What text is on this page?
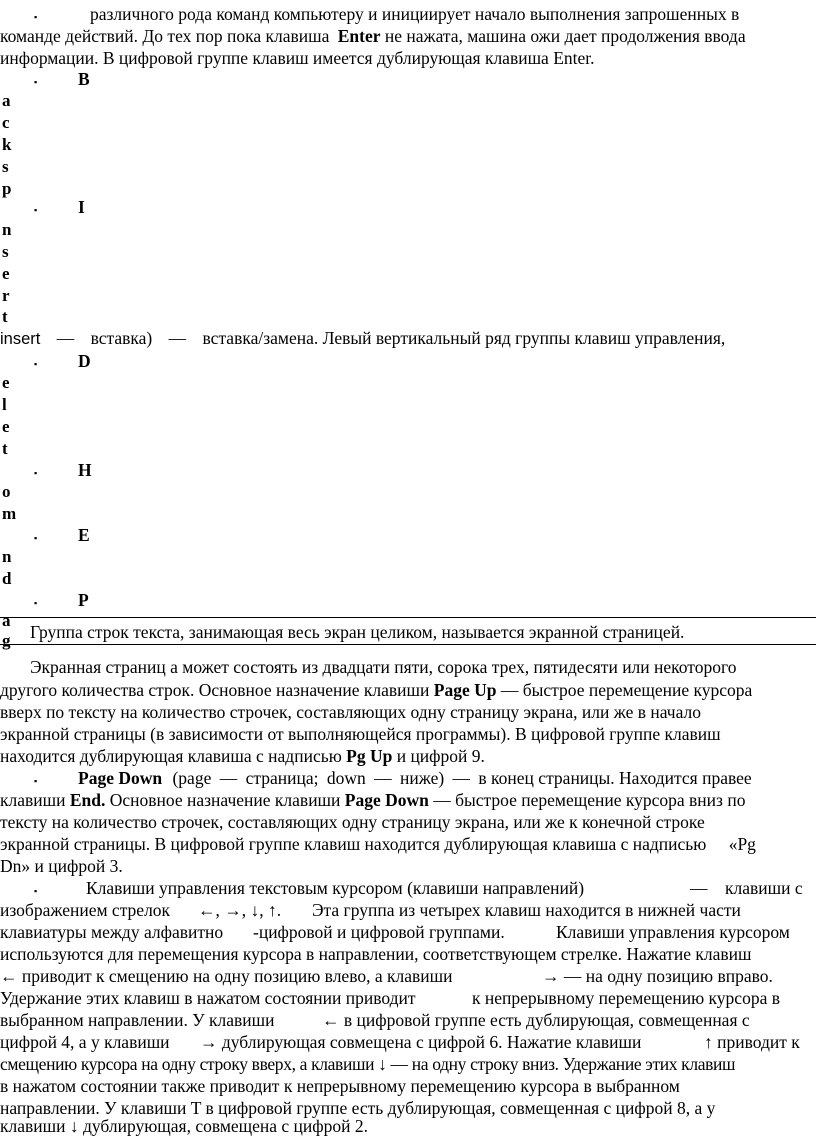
▪	различного рода команд компьютеру и инициирует начало выполнения запрошенных в
команде действий. До тех пор пока клавиша Enter не нажата, машина ожи дает продолжения ввода
информации. В цифровой группе клавиш имеется дублирующая клавиша Enter.
▪ B
a
c
k
s
p
▪ I
n
s
e
r
t
insert — вставка) — вставка/замена. Левый вертикальный ряд группы клавиш управления,
▪ D
e
l
e
t
▪ H
o
m
▪ E
n
d
▪ P
a
g Группа строк текста, занимающая весь экран целиком, называется экранной страницей.
Экранная страниц а может состоять из двадцати пяти, сорока трех, пятидесяти или некоторого
другого количества строк. Основное назначение клавиши Page Up — быстрое перемещение курсора
вверх по тексту на количество строчек, составляющих одну страницу экрана, или же в начало
экранной страницы (в зависимости от выполняющейся программы). В цифровой группе клавиш
находится дублирующая клавиша с надписью Pg Up и цифрой 9.
▪ Page Down (page — страница; down — ниже) — в конец страницы. Находится правее
клавиши End. Основное назначение клавиши Page Down — быстрое перемещение курсора вниз по
тексту на количество строчек, составляющих одну страницу экрана, или же к конечной строке
экранной страницы. В цифровой группе клавиш находится дублирующая клавиша с надписью «Pg
Dn» и цифрой 3.
▪	Клавиши управления текстовым курсором (клавиши направлений)	— клавиши с
изображением стрелок ←, →, ↓, ↑. Эта группа из четырех клавиш находится в нижней части
клавиатуры между алфавитно -цифровой и цифровой группами.	Клавиши управления курсором
используются для перемещения курсора в направлении, соответствующем стрелке. Нажатие клавиш
← приводит к смещению на одну позицию влево, а клавиши	→ — на одну позицию вправо.
Удержание этих клавиш в нажатом состоянии приводит	к непрерывному перемещению курсора в
выбранном направлении. У клавиши	← в цифровой группе есть дублирующая, совмещенная с
цифрой 4, а у клавиши → дублирующая совмещена с цифрой 6. Нажатие клавиши	↑ приводит к
смещению курсора на одну строку вверх, а клавиши ↓ — на одну строку вниз. Удержание этих клавиш
в нажатом состоянии также приводит к непрерывному перемещению курсора в выбранном
направлении. У клавиши T в цифровой группе есть дублирующая, совмещенная с цифрой 8, а у
клавиши ↓ дублирующая, совмещена с цифрой 2.
